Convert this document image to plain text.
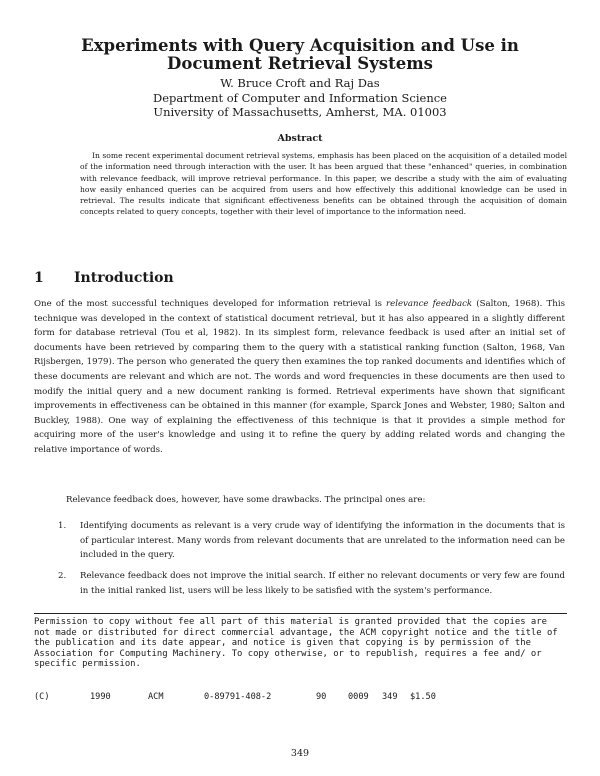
Experiments with Query Acquisition and Use in
Document Retrieval Systems
W. Bruce Croft and Raj Das
Department of Computer and Information Science
University of Massachusetts, Amherst, MA. 01003
Abstract

In some recent experimental document retrieval systems, emphasis has been placed on the acquisition of a detailed model of the information need through interaction with the user. It has been argued that these "enhanced" queries, in combination with relevance feedback, will improve retrieval performance. In this paper, we describe a study with the aim of evaluating how easily enhanced queries can be acquired from users and how effectively this additional knowledge can be used in retrieval. The results indicate that significant effectiveness benefits can be obtained through the acquisition of domain concepts related to query concepts, together with their level of importance to the information need.

1 Introduction

One of the most successful techniques developed for information retrieval is relevance feedback (Salton, 1968). This technique was developed in the context of statistical document retrieval, but it has also appeared in a slightly different form for database retrieval (Tou et al, 1982). In its simplest form, relevance feedback is used after an initial set of documents have been retrieved by comparing them to the query with a statistical ranking function (Salton, 1968, Van Rijsbergen, 1979). The person who generated the query then examines the top ranked documents and identifies which of these documents are relevant and which are not. The words and word frequencies in these documents are then used to modify the initial query and a new document ranking is formed. Retrieval experiments have shown that significant improvements in effectiveness can be obtained in this manner (for example, Sparck Jones and Webster, 1980; Salton and Buckley, 1988). One way of explaining the effectiveness of this technique is that it provides a simple method for acquiring more of the user's knowledge and using it to refine the query by adding related words and changing the relative importance of words.

Relevance feedback does, however, have some drawbacks. The principal ones are:

1. Identifying documents as relevant is a very crude way of identifying the information in the documents that is of particular interest. Many words from relevant documents that are unrelated to the information need can be included in the query.
2. Relevance feedback does not improve the initial search. If either no relevant documents or very few are found in the initial ranked list, users will be less likely to be satisfied with the system's performance.

Permission to copy without fee all part of this material is granted provided that the copies are not made or distributed for direct commercial advantage, the ACM copyright notice and the title of the publication and its date appear, and notice is given that copying is by permission of the Association for Computing Machinery. To copy otherwise, or to republish, requires a fee and/ or specific permission.

(C)	1990	ACM	0-89791-408-2	90	0009 349 $1.50
349
